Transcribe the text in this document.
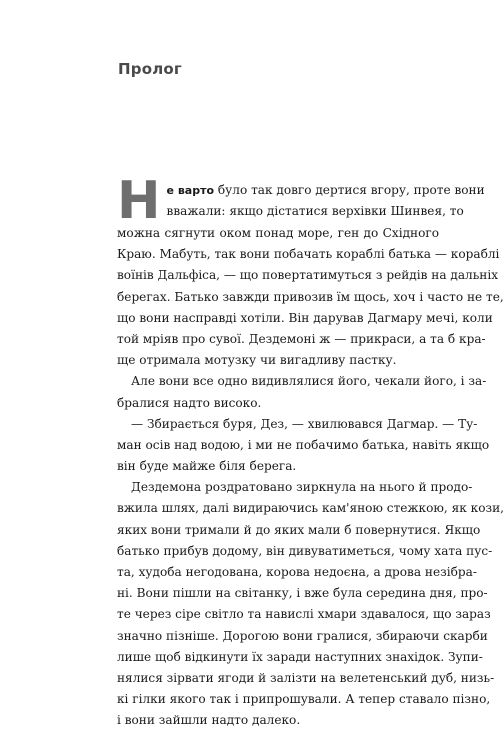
Пролог
Н е варто було так довго дертися вгору, проте вони
вважали: якщо дістатися верхівки Шинвея, то
можна сягнути оком понад море, ген до Східного
Краю. Мабуть, так вони побачать кораблі батька — кораблі
воїнів Дальфіса, — що повертатимуться з рейдів на дальніх
берегах. Батько завжди привозив їм щось, хоч і часто не те,
що вони насправді хотіли. Він дарував Дагмару мечі, коли
той мріяв про сувої. Дездемоні ж — прикраси, а та б кра-
ще отримала мотузку чи вигадливу пастку.
Але вони все одно видивлялися його, чекали його, і за-
бралися надто високо.
— Збирається буря, Дез, — хвилювався Дагмар. — Ту-
ман осів над водою, і ми не побачимо батька, навіть якщо
він буде майже біля берега.
Дездемона роздратовано зиркнула на нього й продо-
вжила шлях, далі видираючись кам'яною стежкою, як кози,
яких вони тримали й до яких мали б повернутися. Якщо
батько прибув додому, він дивуватиметься, чому хата пус-
та, худоба негодована, корова недоєна, а дрова незібра-
ні. Вони пішли на світанку, і вже була середина дня, про-
те через сіре світло та навислі хмари здавалося, що зараз
значно пізніше. Дорогою вони гралися, збираючи скарби
лише щоб відкинути їх заради наступних знахідок. Зупи-
нялися зірвати ягоди й залізти на велетенський дуб, низь-
кі гілки якого так і припрошували. А тепер ставало пізно,
і вони зайшли надто далеко.
